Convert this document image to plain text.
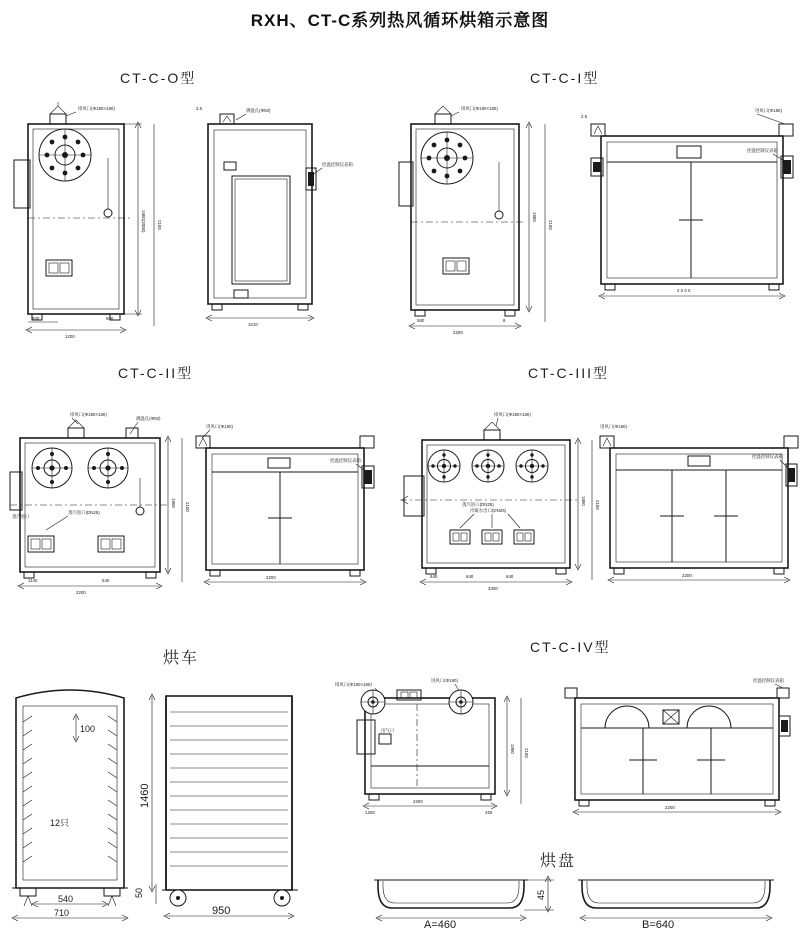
RXH、CT-C系列热风循环烘箱示意图
CT-C-O型
排风口(Φ180×180)
1800(2000)	2100
1200
600	600
2.6	测温孔(Φ50)
控温控制仪表箱
1010
CT-C-I型
排风口(Φ180×180)
1800
2100
2200
580	8
2.5
进风口(Φ180)
控温控制仪表箱
2 2 0 0
CT-C-II型
排风口(Φ180×180)
测温孔(Φ50)
蒸汽进口
蒸汽进口(DN25)
1800 2100
2200
1140	640
进风口(Φ180)
控温控制仪表箱
2200
CT-C-III型
排风口(Φ180×180)
蒸汽进口(DN25)
冷凝水出口(DN25)
1800 2100
3300
640	640	640
进风口(Φ180)
控温控制仪表箱
2200
烘车
100
12只
540
710
1460
50
950
CT-C-IV型
排风口(Φ180×180)
进风口(Φ180)
出气口
1800 2100
2200
1200	450
控温控制仪表箱
2200
烘盘
A=460
45
B=640
